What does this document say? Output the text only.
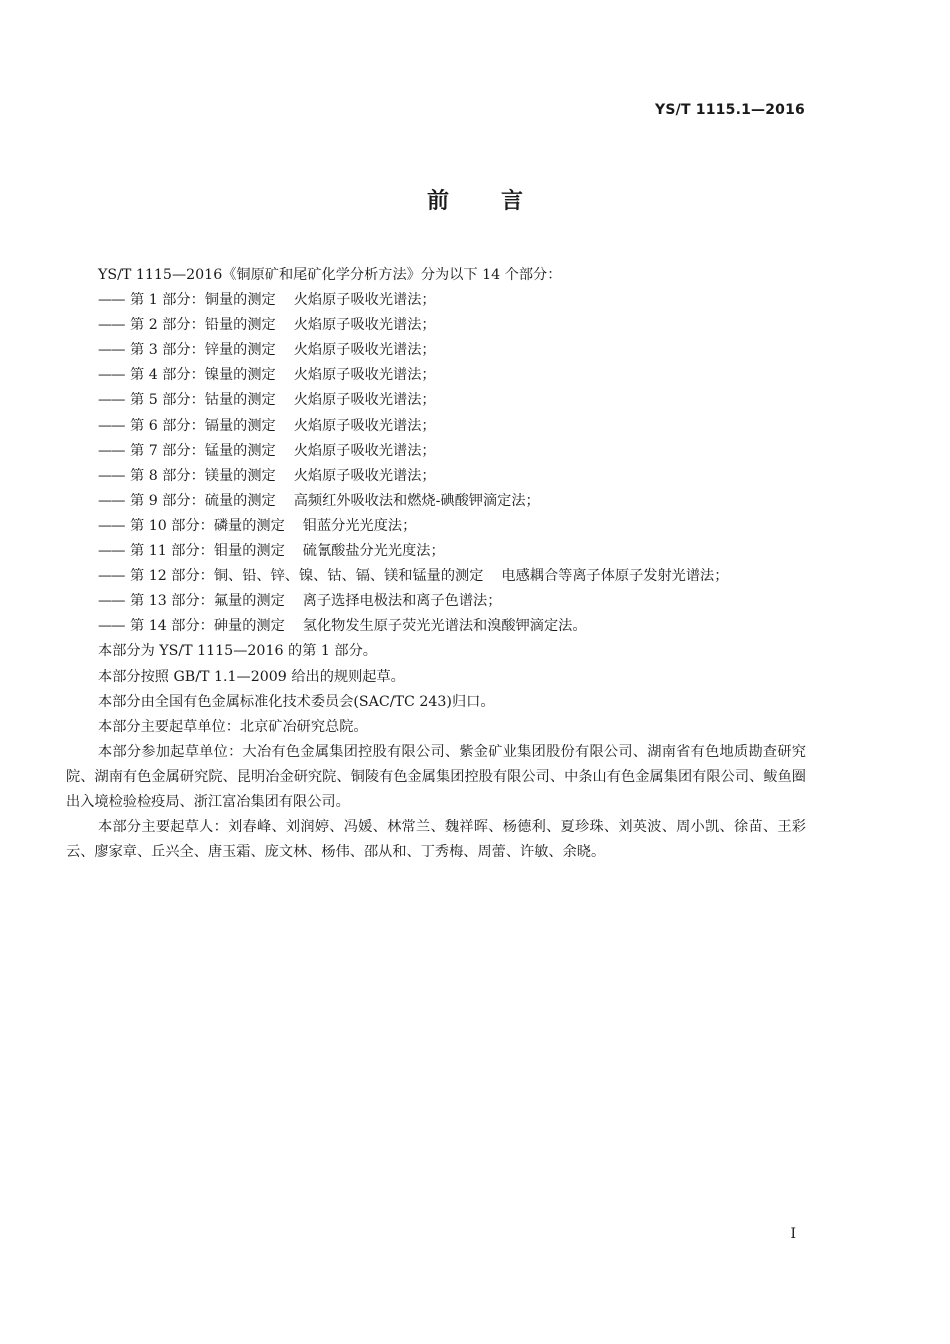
YS/T 1115.1—2016
前言
YS/T 1115—2016《铜原矿和尾矿化学分析方法》分为以下 14 个部分：
—— 第 1 部分：铜量的测定 火焰原子吸收光谱法；
—— 第 2 部分：铅量的测定 火焰原子吸收光谱法；
—— 第 3 部分：锌量的测定 火焰原子吸收光谱法；
—— 第 4 部分：镍量的测定 火焰原子吸收光谱法；
—— 第 5 部分：钴量的测定 火焰原子吸收光谱法；
—— 第 6 部分：镉量的测定 火焰原子吸收光谱法；
—— 第 7 部分：锰量的测定 火焰原子吸收光谱法；
—— 第 8 部分：镁量的测定 火焰原子吸收光谱法；
—— 第 9 部分：硫量的测定 高频红外吸收法和燃烧-碘酸钾滴定法；
—— 第 10 部分：磷量的测定 钼蓝分光光度法；
—— 第 11 部分：钼量的测定 硫氰酸盐分光光度法；
—— 第 12 部分：铜、铅、锌、镍、钴、镉、镁和锰量的测定 电感耦合等离子体原子发射光谱法；
—— 第 13 部分：氟量的测定 离子选择电极法和离子色谱法；
—— 第 14 部分：砷量的测定 氢化物发生原子荧光光谱法和溴酸钾滴定法。
本部分为 YS/T 1115—2016 的第 1 部分。
本部分按照 GB/T 1.1—2009 给出的规则起草。
本部分由全国有色金属标准化技术委员会(SAC/TC 243)归口。
本部分主要起草单位：北京矿冶研究总院。
本部分参加起草单位：大冶有色金属集团控股有限公司、紫金矿业集团股份有限公司、湖南省有色地质勘查研究院、湖南有色金属研究院、昆明冶金研究院、铜陵有色金属集团控股有限公司、中条山有色金属集团有限公司、鲅鱼圈出入境检验检疫局、浙江富冶集团有限公司。
本部分主要起草人：刘春峰、刘润婷、冯媛、林常兰、魏祥晖、杨德利、夏珍珠、刘英波、周小凯、徐苗、王彩云、廖家章、丘兴全、唐玉霜、庞文林、杨伟、邵从和、丁秀梅、周蕾、许敏、余晓。
I
